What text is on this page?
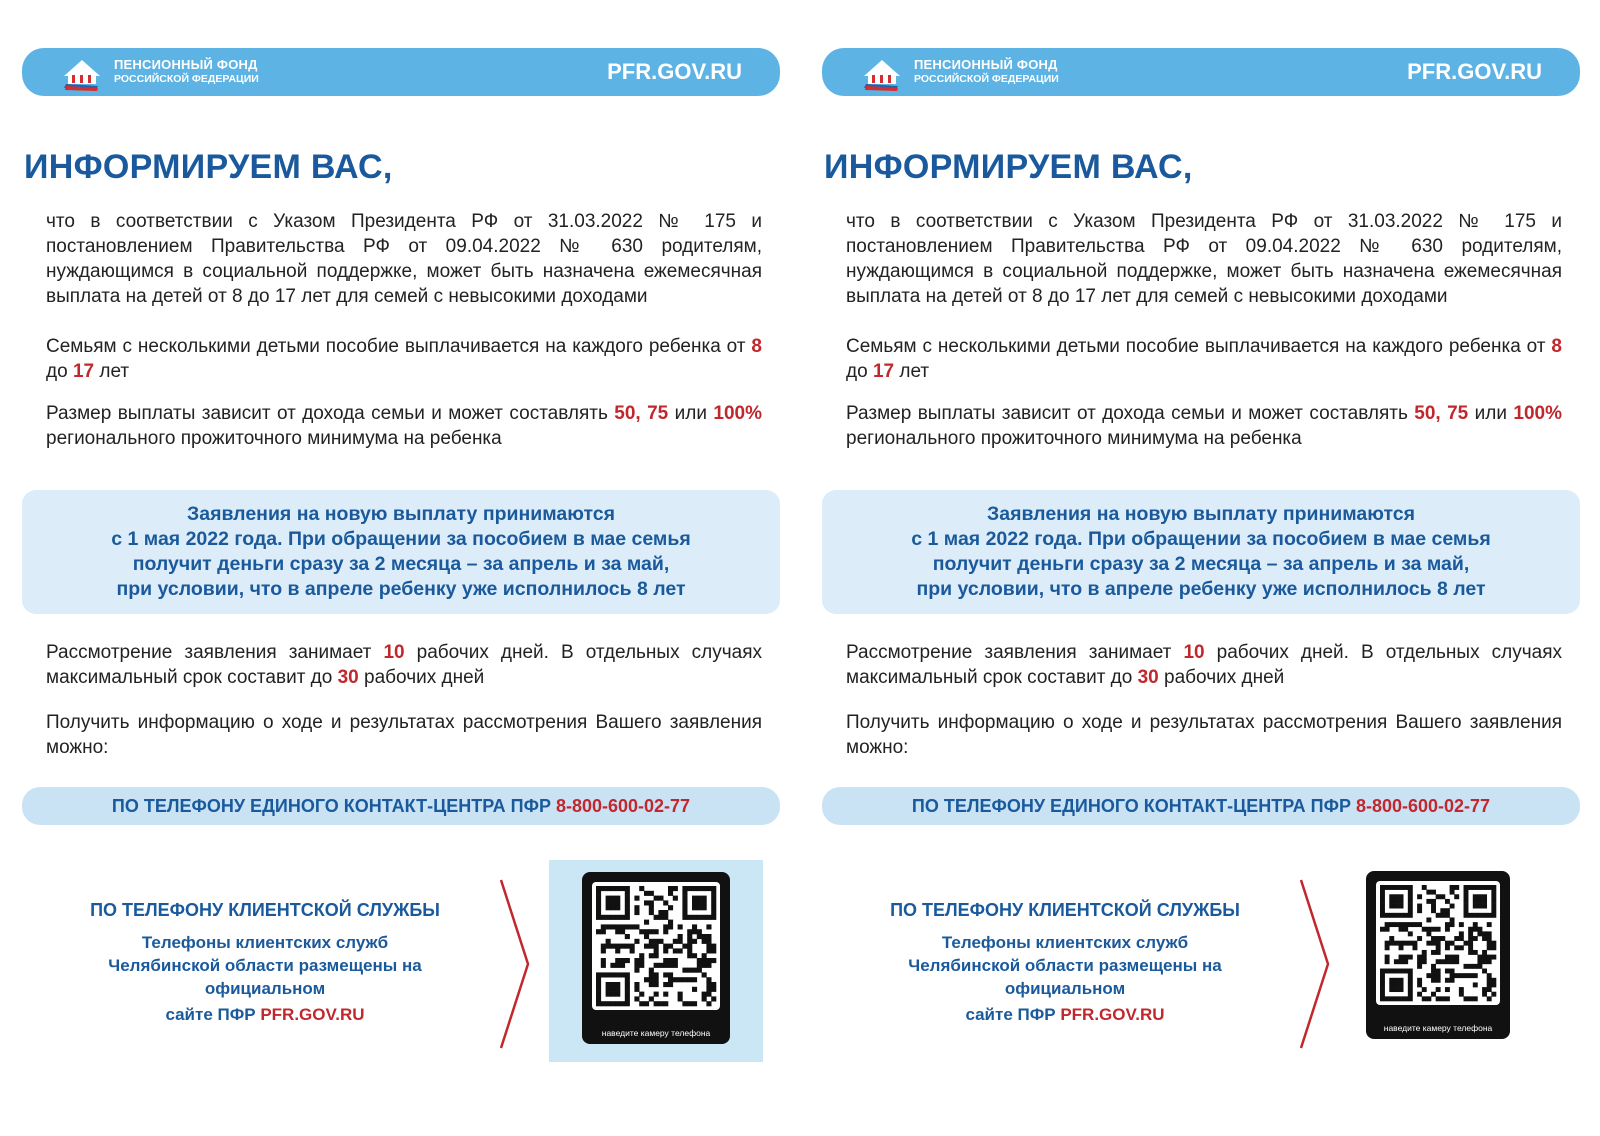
ПЕНСИОННЫЙ ФОНД
РОССИЙСКОЙ ФЕДЕРАЦИИ	PFR.GOV.RU
ИНФОРМИРУЕМ ВАС,
что в соответствии с Указом Президента РФ от 31.03.2022 № 175 и постановлением Правительства РФ от 09.04.2022 № 630 родителям, нуждающимся в социальной поддержке, может быть назначена ежемесячная выплата на детей от 8 до 17 лет для семей с невысокими доходами
Семьям с несколькими детьми пособие выплачивается на каждого ребенка от 8 до 17 лет
Размер выплаты зависит от дохода семьи и может составлять 50, 75 или 100% регионального прожиточного минимума на ребенка
Заявления на новую выплату принимаются
с 1 мая 2022 года. При обращении за пособием в мае семья
получит деньги сразу за 2 месяца – за апрель и за май,
при условии, что в апреле ребенку уже исполнилось 8 лет
Рассмотрение заявления занимает 10 рабочих дней. В отдельных случаях максимальный срок составит до 30 рабочих дней
Получить информацию о ходе и результатах рассмотрения Вашего заявления можно:
ПО ТЕЛЕФОНУ ЕДИНОГО КОНТАКТ-ЦЕНТРА ПФР 8-800-600-02-77
ПО ТЕЛЕФОНУ КЛИЕНТСКОЙ СЛУЖБЫ
Телефоны клиентских служб
Челябинской области размещены на
официальном
сайте ПФР PFR.GOV.RU
наведите камеру телефона
ПЕНСИОННЫЙ ФОНД
РОССИЙСКОЙ ФЕДЕРАЦИИ	PFR.GOV.RU
ИНФОРМИРУЕМ ВАС,
что в соответствии с Указом Президента РФ от 31.03.2022 № 175 и постановлением Правительства РФ от 09.04.2022 № 630 родителям, нуждающимся в социальной поддержке, может быть назначена ежемесячная выплата на детей от 8 до 17 лет для семей с невысокими доходами
Семьям с несколькими детьми пособие выплачивается на каждого ребенка от 8 до 17 лет
Размер выплаты зависит от дохода семьи и может составлять 50, 75 или 100% регионального прожиточного минимума на ребенка
Заявления на новую выплату принимаются
с 1 мая 2022 года. При обращении за пособием в мае семья
получит деньги сразу за 2 месяца – за апрель и за май,
при условии, что в апреле ребенку уже исполнилось 8 лет
Рассмотрение заявления занимает 10 рабочих дней. В отдельных случаях максимальный срок составит до 30 рабочих дней
Получить информацию о ходе и результатах рассмотрения Вашего заявления можно:
ПО ТЕЛЕФОНУ ЕДИНОГО КОНТАКТ-ЦЕНТРА ПФР 8-800-600-02-77
ПО ТЕЛЕФОНУ КЛИЕНТСКОЙ СЛУЖБЫ
Телефоны клиентских служб
Челябинской области размещены на
официальном
сайте ПФР PFR.GOV.RU
наведите камеру телефона
